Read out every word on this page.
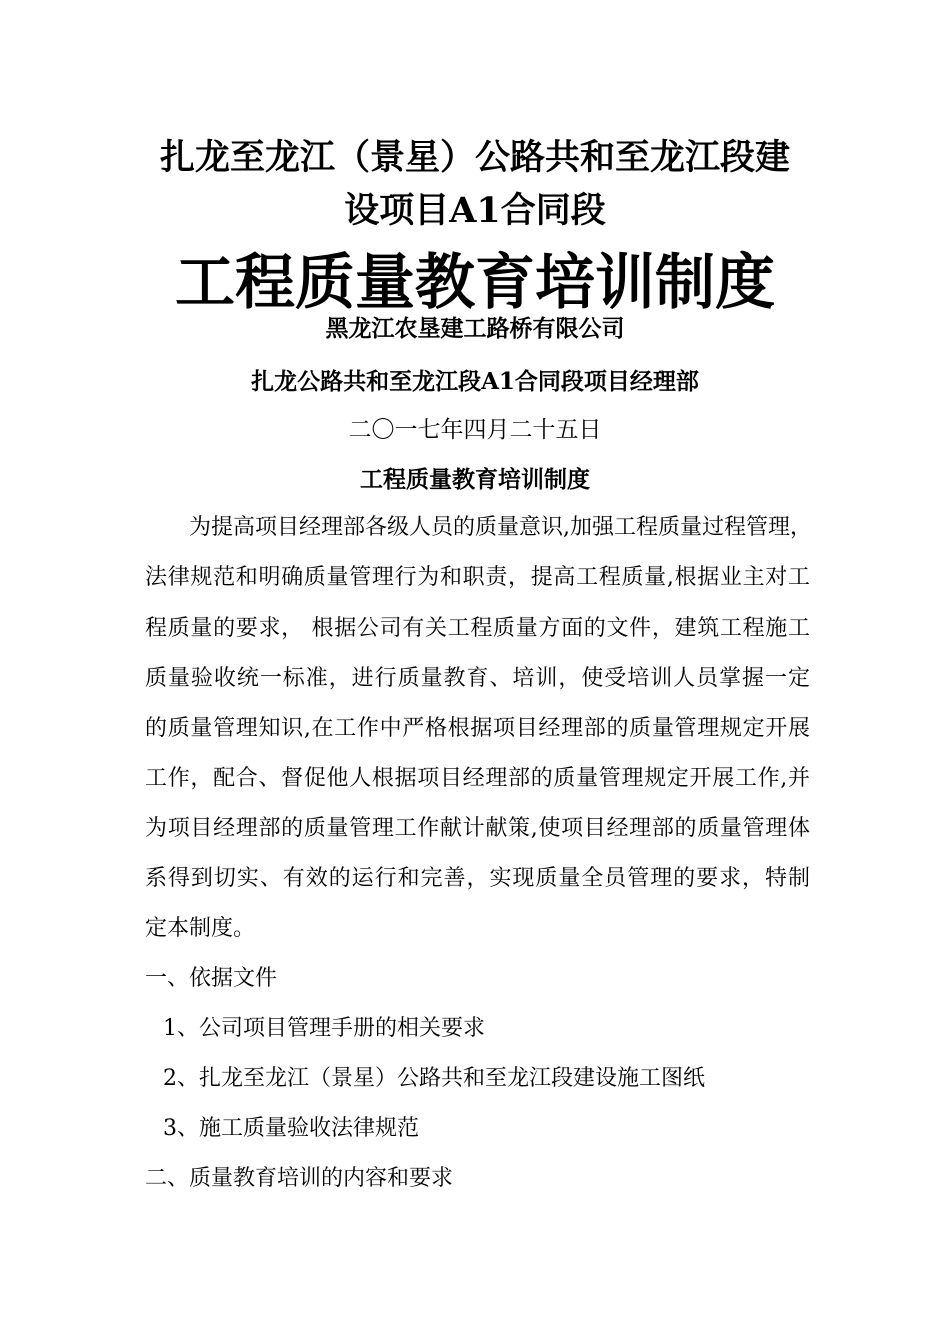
扎龙至龙江（景星）公路共和至龙江段建
设项目A1合同段
工程质量教育培训制度
黑龙江农垦建工路桥有限公司
扎龙公路共和至龙江段A1合同段项目经理部
二〇一七年四月二十五日
工程质量教育培训制度
为提高项目经理部各级人员的质量意识,加强工程质量过程管理，
法律规范和明确质量管理行为和职责，提高工程质量,根据业主对工
程质量的要求， 根据公司有关工程质量方面的文件，建筑工程施工
质量验收统一标准，进行质量教育、培训，使受培训人员掌握一定
的质量管理知识,在工作中严格根据项目经理部的质量管理规定开展
工作，配合、督促他人根据项目经理部的质量管理规定开展工作,并
为项目经理部的质量管理工作献计献策,使项目经理部的质量管理体
系得到切实、有效的运行和完善，实现质量全员管理的要求，特制
定本制度。
一、依据文件
1、公司项目管理手册的相关要求
2、扎龙至龙江（景星）公路共和至龙江段建设施工图纸
3、施工质量验收法律规范
二、质量教育培训的内容和要求
